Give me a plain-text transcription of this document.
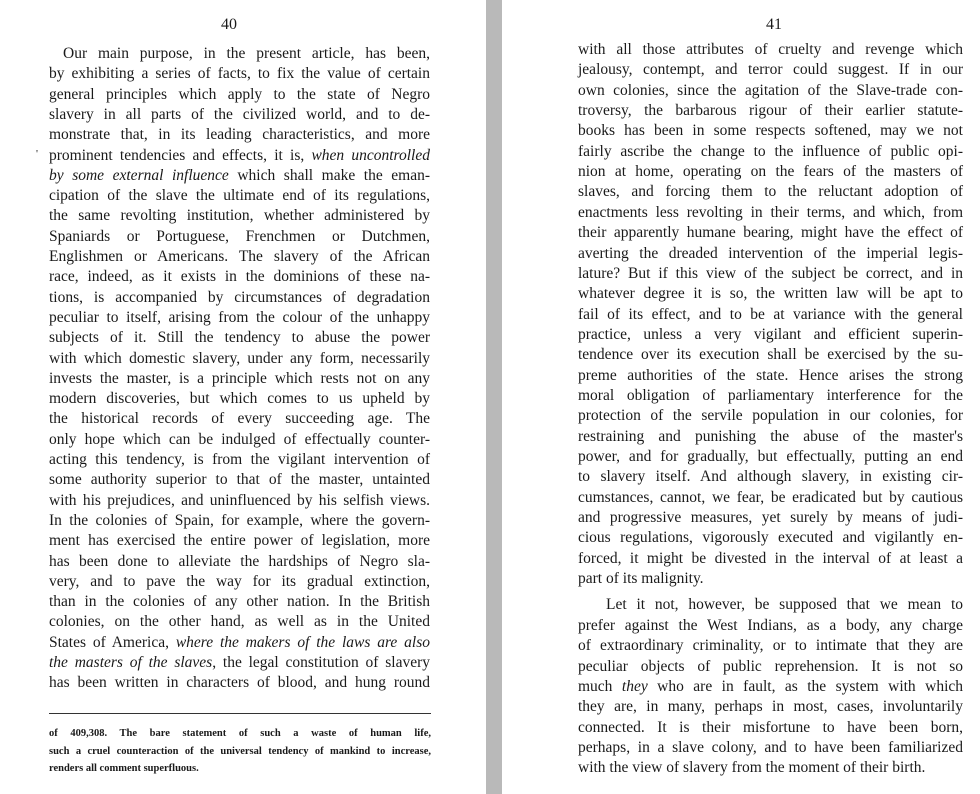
40
'
Our main purpose, in the present article, has been,
by exhibiting a series of facts, to fix the value of certain
general principles which apply to the state of Negro
slavery in all parts of the civilized world, and to de-
monstrate that, in its leading characteristics, and more
prominent tendencies and effects, it is, when uncontrolled
by some external influence which shall make the eman-
cipation of the slave the ultimate end of its regulations,
the same revolting institution, whether administered by
Spaniards or Portuguese, Frenchmen or Dutchmen,
Englishmen or Americans. The slavery of the African
race, indeed, as it exists in the dominions of these na-
tions, is accompanied by circumstances of degradation
peculiar to itself, arising from the colour of the unhappy
subjects of it. Still the tendency to abuse the power
with which domestic slavery, under any form, necessarily
invests the master, is a principle which rests not on any
modern discoveries, but which comes to us upheld by
the historical records of every succeeding age. The
only hope which can be indulged of effectually counter-
acting this tendency, is from the vigilant intervention of
some authority superior to that of the master, untainted
with his prejudices, and uninfluenced by his selfish views.
In the colonies of Spain, for example, where the govern-
ment has exercised the entire power of legislation, more
has been done to alleviate the hardships of Negro sla-
very, and to pave the way for its gradual extinction,
than in the colonies of any other nation. In the British
colonies, on the other hand, as well as in the United
States of America, where the makers of the laws are also
the masters of the slaves, the legal constitution of slavery
has been written in characters of blood, and hung round
of 409,308. The bare statement of such a waste of human life,
such a cruel counteraction of the universal tendency of mankind to increase,
renders all comment superfluous.
41
with all those attributes of cruelty and revenge which
jealousy, contempt, and terror could suggest. If in our
own colonies, since the agitation of the Slave-trade con-
troversy, the barbarous rigour of their earlier statute-
books has been in some respects softened, may we not
fairly ascribe the change to the influence of public opi-
nion at home, operating on the fears of the masters of
slaves, and forcing them to the reluctant adoption of
enactments less revolting in their terms, and which, from
their apparently humane bearing, might have the effect of
averting the dreaded intervention of the imperial legis-
lature? But if this view of the subject be correct, and in
whatever degree it is so, the written law will be apt to
fail of its effect, and to be at variance with the general
practice, unless a very vigilant and efficient superin-
tendence over its execution shall be exercised by the su-
preme authorities of the state. Hence arises the strong
moral obligation of parliamentary interference for the
protection of the servile population in our colonies, for
restraining and punishing the abuse of the master's
power, and for gradually, but effectually, putting an end
to slavery itself. And although slavery, in existing cir-
cumstances, cannot, we fear, be eradicated but by cautious
and progressive measures, yet surely by means of judi-
cious regulations, vigorously executed and vigilantly en-
forced, it might be divested in the interval of at least a
part of its malignity.
Let it not, however, be supposed that we mean to
prefer against the West Indians, as a body, any charge
of extraordinary criminality, or to intimate that they are
peculiar objects of public reprehension. It is not so
much they who are in fault, as the system with which
they are, in many, perhaps in most, cases, involuntarily
connected. It is their misfortune to have been born,
perhaps, in a slave colony, and to have been familiarized
with the view of slavery from the moment of their birth.
